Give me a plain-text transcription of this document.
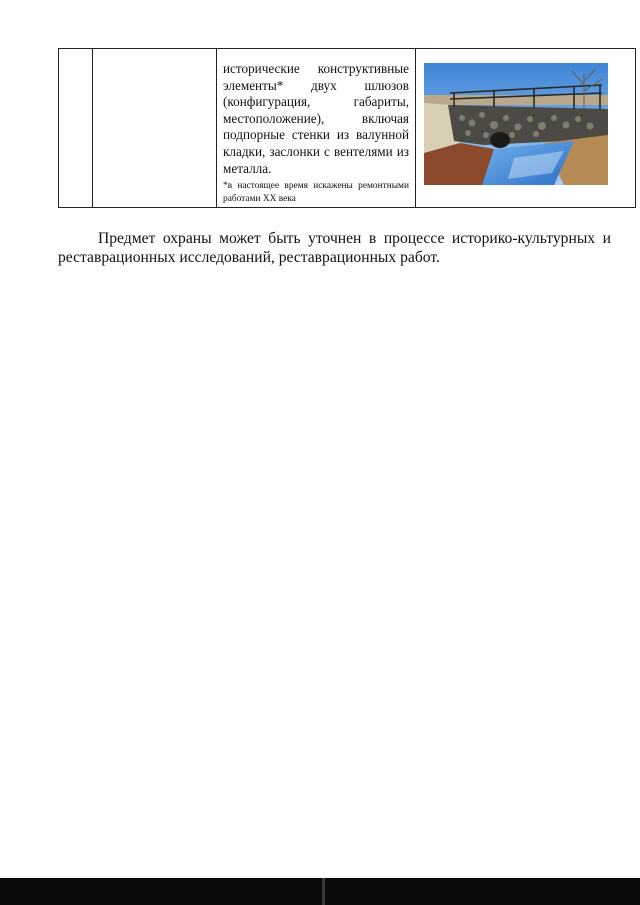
исторические конструктивные элементы* двух шлюзов (конфигурация, габариты, местоположение), включая подпорные стенки из валунной кладки, заслонки с вентелями из металла.
*в настоящее время искажены ремонтными работами XX века

Предмет охраны может быть уточнен в процессе историко-культурных и реставрационных исследований, реставрационных работ.
